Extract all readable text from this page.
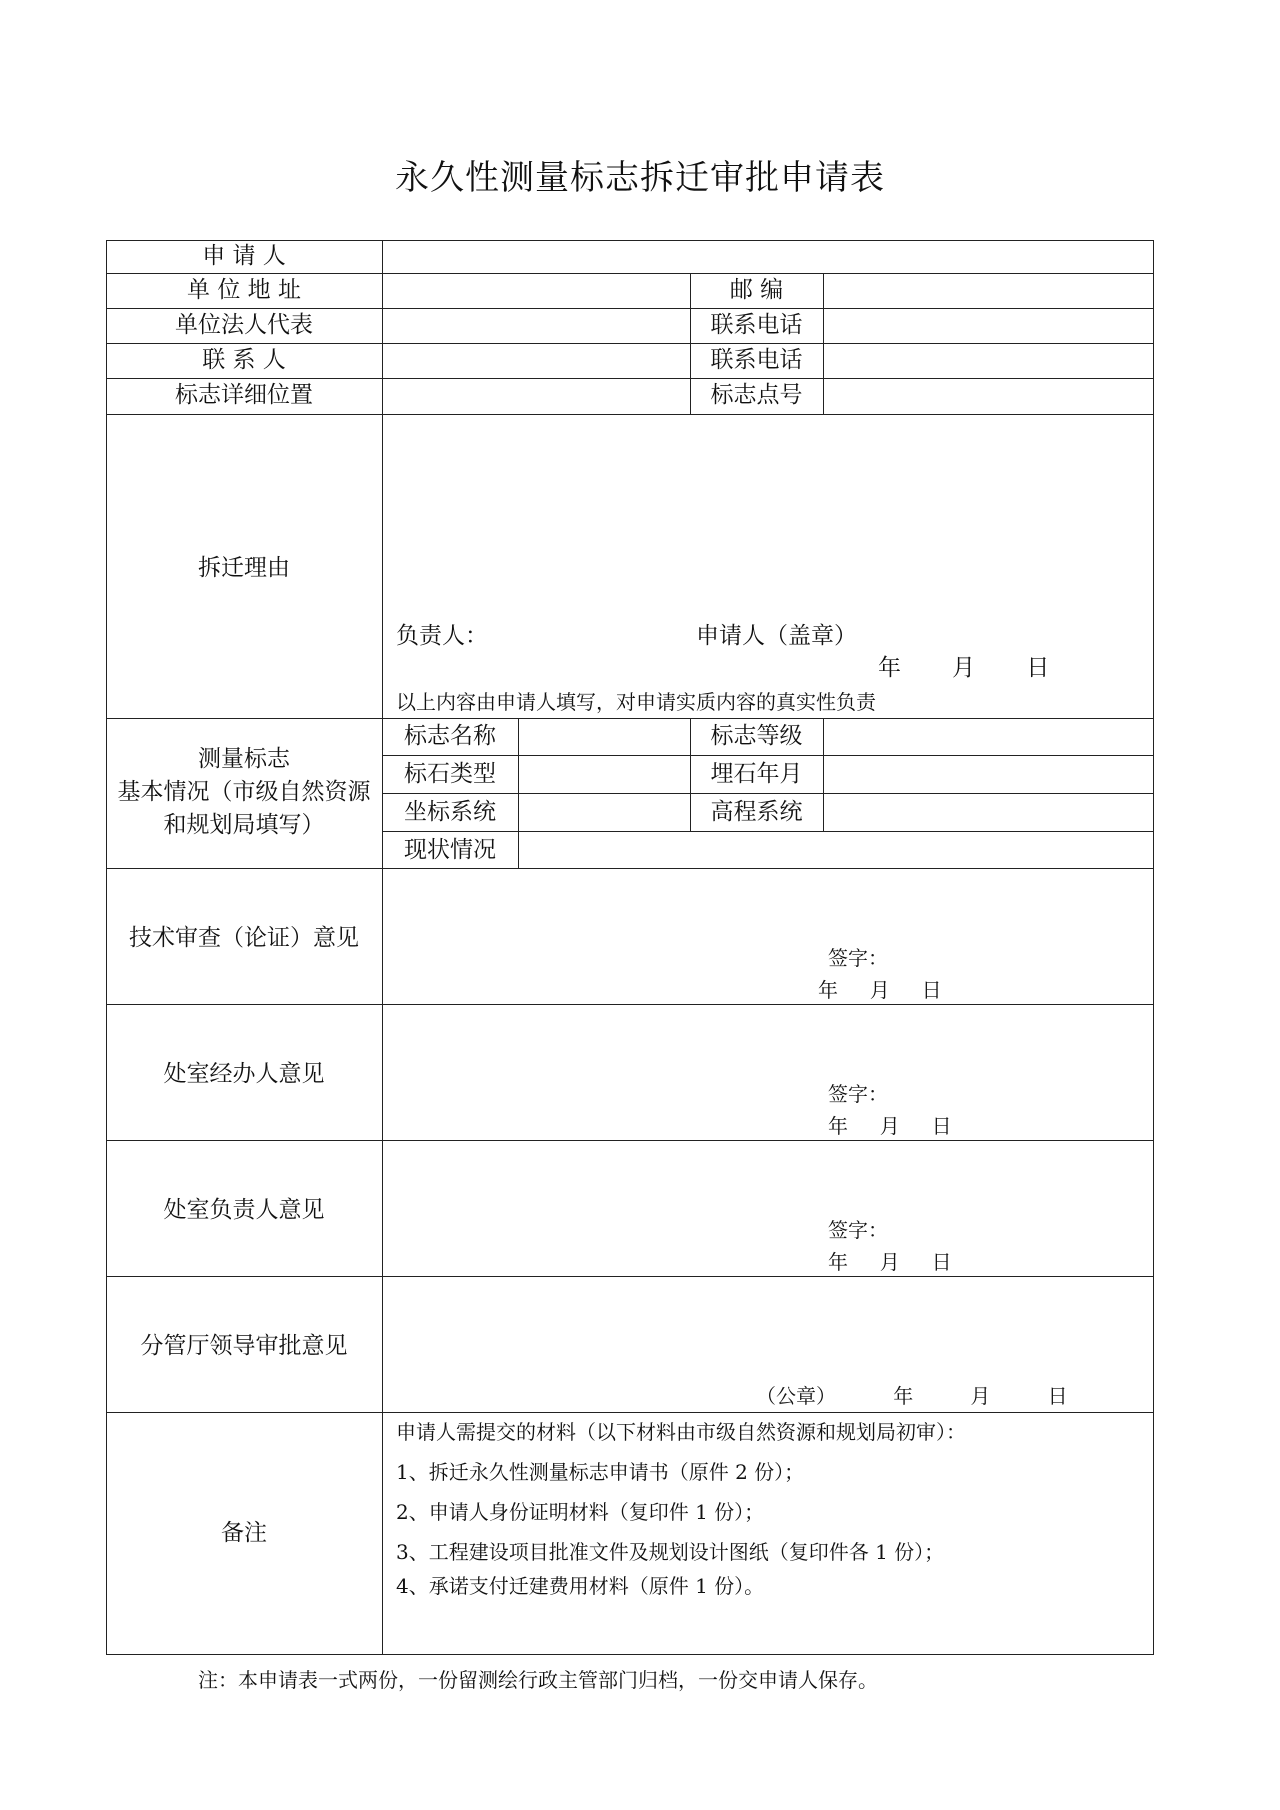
永久性测量标志拆迁审批申请表
申 请 人
单 位 地 址
单位法人代表
联 系 人
标志详细位置
邮 编
联系电话
联系电话
标志点号
拆迁理由
负责人：	申请人（盖章）
年       月       日
以上内容由申请人填写，对申请实质内容的真实性负责
测量标志
基本情况（市级自然资源和规划局填写）
标志名称
标石类型
坐标系统
现状情况
标志等级
埋石年月
高程系统
技术审查（论证）意见
签字：
年     月     日
处室经办人意见
签字：
年     月     日
处室负责人意见
签字：
年     月     日
分管厅领导审批意见
（公章）         年         月         日
备注
申请人需提交的材料（以下材料由市级自然资源和规划局初审）：
1、拆迁永久性测量标志申请书（原件 2 份）；
2、申请人身份证明材料（复印件 1 份）；
3、工程建设项目批准文件及规划设计图纸（复印件各 1 份）；
4、承诺支付迁建费用材料（原件 1 份）。
注：本申请表一式两份，一份留测绘行政主管部门归档，一份交申请人保存。
